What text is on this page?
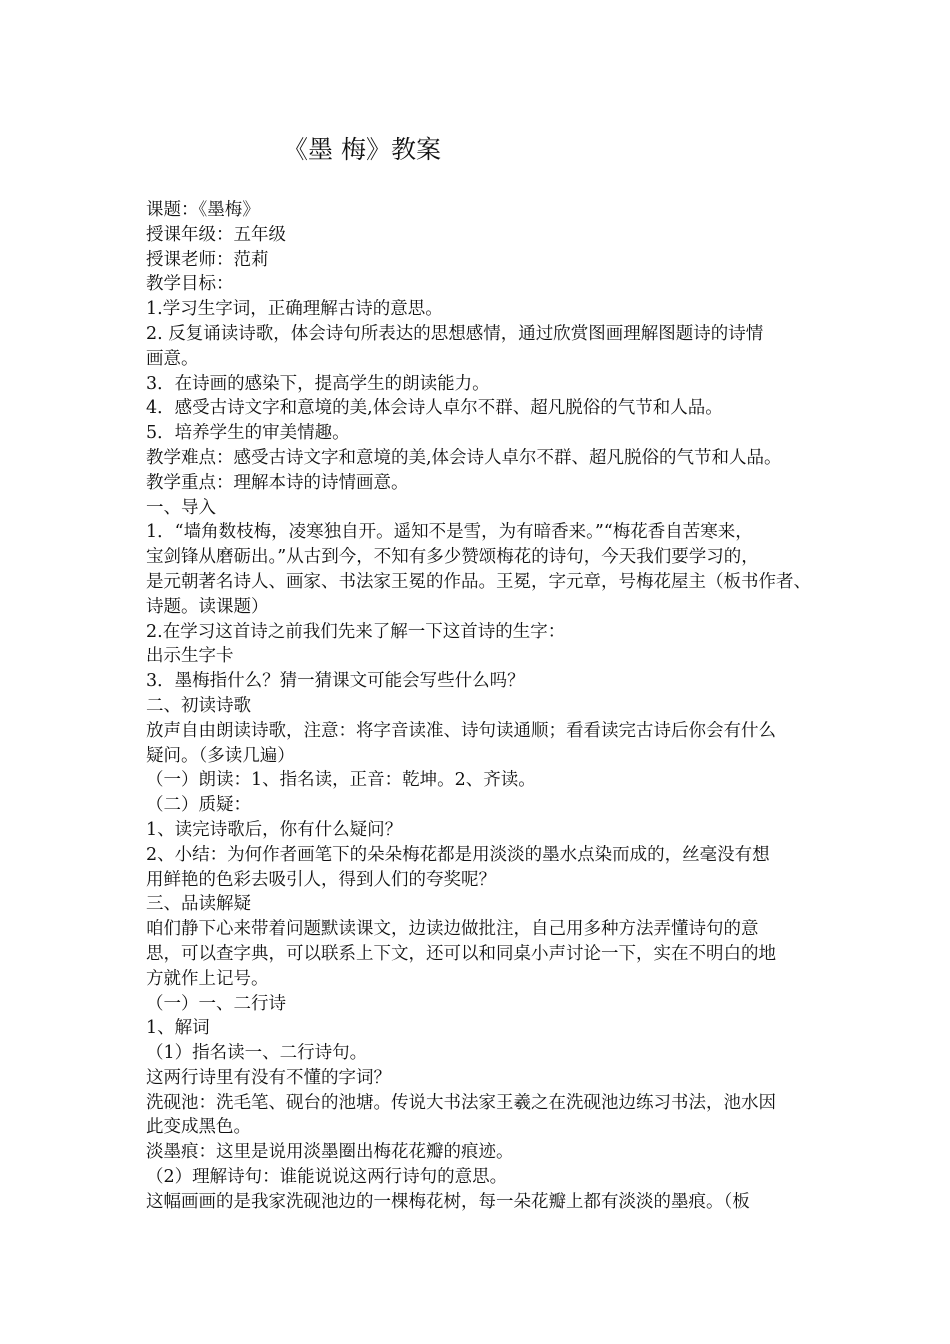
《墨 梅》教案
课题：《墨梅》
授课年级：五年级
授课老师：范莉
教学目标：
1.学习生字词，正确理解古诗的意思。
2. 反复诵读诗歌，体会诗句所表达的思想感情，通过欣赏图画理解图题诗的诗情
画意。
3．在诗画的感染下，提高学生的朗读能力。
4．感受古诗文字和意境的美,体会诗人卓尔不群、超凡脱俗的气节和人品。
5．培养学生的审美情趣。
教学难点：感受古诗文字和意境的美,体会诗人卓尔不群、超凡脱俗的气节和人品。
教学重点：理解本诗的诗情画意。
一、导入
1．“墙角数枝梅，凌寒独自开。遥知不是雪，为有暗香来。”“梅花香自苦寒来，
宝剑锋从磨砺出。”从古到今，不知有多少赞颂梅花的诗句，今天我们要学习的，
是元朝著名诗人、画家、书法家王冕的作品。王冕，字元章，号梅花屋主（板书作者、
诗题。读课题）
2.在学习这首诗之前我们先来了解一下这首诗的生字：
出示生字卡
3．墨梅指什么？猜一猜课文可能会写些什么吗？
二、初读诗歌
放声自由朗读诗歌，注意：将字音读准、诗句读通顺；看看读完古诗后你会有什么
疑问。（多读几遍）
（一）朗读：1、指名读，正音：乾坤。2、齐读。
（二）质疑：
1、读完诗歌后，你有什么疑问？
2、小结：为何作者画笔下的朵朵梅花都是用淡淡的墨水点染而成的，丝毫没有想
用鲜艳的色彩去吸引人，得到人们的夸奖呢？
三、品读解疑
咱们静下心来带着问题默读课文，边读边做批注，自己用多种方法弄懂诗句的意
思，可以查字典，可以联系上下文，还可以和同桌小声讨论一下，实在不明白的地
方就作上记号。
（一）一、二行诗
1、解词
（1）指名读一、二行诗句。
这两行诗里有没有不懂的字词？
洗砚池：洗毛笔、砚台的池塘。传说大书法家王羲之在洗砚池边练习书法，池水因
此变成黑色。
淡墨痕：这里是说用淡墨圈出梅花花瓣的痕迹。
（2）理解诗句：谁能说说这两行诗句的意思。
这幅画画的是我家洗砚池边的一棵梅花树，每一朵花瓣上都有淡淡的墨痕。（板
